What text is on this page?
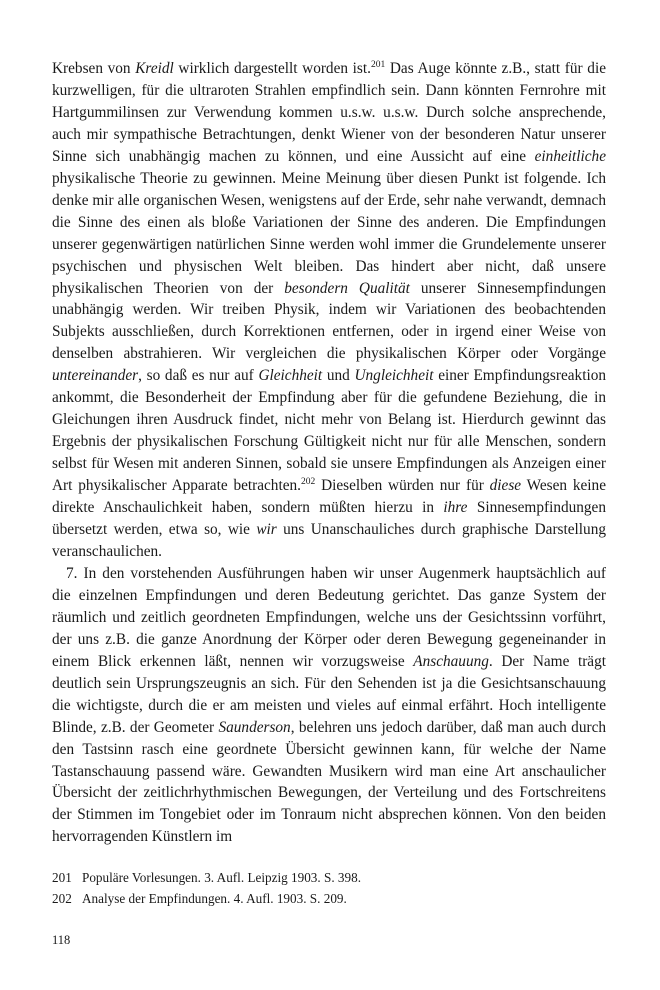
Krebsen von Kreidl wirklich dargestellt worden ist.$^{201}$ Das Auge könnte z.B., statt für die kurzwelligen, für die ultraroten Strahlen empfindlich sein. Dann könnten Fernrohre mit Hartgummilinsen zur Verwendung kommen u.s.w. u.s.w. Durch solche ansprechende, auch mir sympathische Betrachtungen, denkt Wiener von der besonderen Natur unserer Sinne sich unabhängig machen zu können, und eine Aussicht auf eine einheitliche physikalische Theorie zu gewinnen. Meine Meinung über diesen Punkt ist folgende. Ich denke mir alle organischen Wesen, wenigstens auf der Erde, sehr nahe verwandt, demnach die Sinne des einen als bloße Variationen der Sinne des anderen. Die Empfindungen unserer gegenwärtigen natürlichen Sinne werden wohl immer die Grundelemente unserer psychischen und physischen Welt bleiben. Das hindert aber nicht, daß unsere physikalischen Theorien von der besondern Qualität unserer Sinnesempfindungen unabhängig werden. Wir treiben Physik, indem wir Variationen des beobachtenden Subjekts ausschließen, durch Korrektionen entfernen, oder in irgend einer Weise von denselben abstrahieren. Wir vergleichen die physikalischen Körper oder Vorgänge untereinander, so daß es nur auf Gleichheit und Ungleichheit einer Empfindungsreaktion ankommt, die Besonderheit der Empfindung aber für die gefundene Beziehung, die in Gleichungen ihren Ausdruck findet, nicht mehr von Belang ist. Hierdurch gewinnt das Ergebnis der physikalischen Forschung Gültigkeit nicht nur für alle Menschen, sondern selbst für Wesen mit anderen Sinnen, sobald sie unsere Empfindungen als Anzeigen einer Art physikalischer Apparate betrachten.$^{202}$ Dieselben würden nur für diese Wesen keine direkte Anschaulichkeit haben, sondern müßten hierzu in ihre Sinnesempfindungen übersetzt werden, etwa so, wie wir uns Unanschauliches durch graphische Darstellung veranschaulichen.

7. In den vorstehenden Ausführungen haben wir unser Augenmerk hauptsächlich auf die einzelnen Empfindungen und deren Bedeutung gerichtet. Das ganze System der räumlich und zeitlich geordneten Empfindungen, welche uns der Gesichtssinn vorführt, der uns z.B. die ganze Anordnung der Körper oder deren Bewegung gegeneinander in einem Blick erkennen läßt, nennen wir vorzugsweise Anschauung. Der Name trägt deutlich sein Ursprungszeugnis an sich. Für den Sehenden ist ja die Gesichtsanschauung die wichtigste, durch die er am meisten und vieles auf einmal erfährt. Hoch intelligente Blinde, z.B. der Geometer Saunderson, belehren uns jedoch darüber, daß man auch durch den Tastsinn rasch eine geordnete Übersicht gewinnen kann, für welche der Name Tastanschauung passend wäre. Gewandten Musikern wird man eine Art anschaulicher Übersicht der zeitlichrhythmischen Bewegungen, der Verteilung und des Fortschreitens der Stimmen im Tongebiet oder im Tonraum nicht absprechen können. Von den beiden hervorragenden Künstlern im

201 Populäre Vorlesungen. 3. Aufl. Leipzig 1903. S. 398.
202 Analyse der Empfindungen. 4. Aufl. 1903. S. 209.
118
